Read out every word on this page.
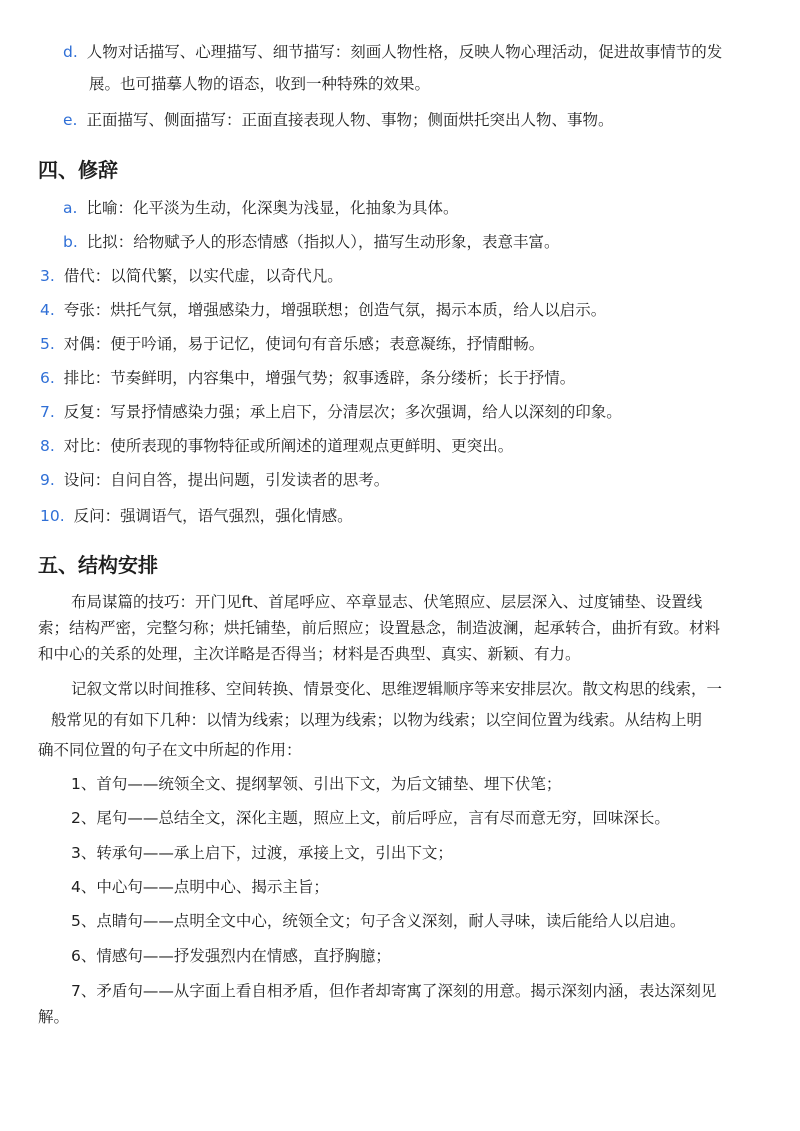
d. 人物对话描写、心理描写、细节描写：刻画人物性格，反映人物心理活动，促进故事情节的发
展。也可描摹人物的语态，收到一种特殊的效果。
e. 正面描写、侧面描写：正面直接表现人物、事物；侧面烘托突出人物、事物。
四、修辞
a. 比喻：化平淡为生动，化深奥为浅显，化抽象为具体。
b. 比拟：给物赋予人的形态情感（指拟人），描写生动形象，表意丰富。
3. 借代：以简代繁，以实代虚，以奇代凡。
4. 夸张：烘托气氛，增强感染力，增强联想；创造气氛，揭示本质，给人以启示。
5. 对偶：便于吟诵，易于记忆，使词句有音乐感；表意凝练，抒情酣畅。
6. 排比：节奏鲜明，内容集中，增强气势；叙事透辟，条分缕析；长于抒情。
7. 反复：写景抒情感染力强；承上启下，分清层次；多次强调，给人以深刻的印象。
8. 对比：使所表现的事物特征或所阐述的道理观点更鲜明、更突出。
9. 设问：自问自答，提出问题，引发读者的思考。
10. 反问：强调语气，语气强烈，强化情感。
五、结构安排
布局谋篇的技巧：开门见ft、首尾呼应、卒章显志、伏笔照应、层层深入、过度铺垫、设置线
索；结构严密，完整匀称；烘托铺垫，前后照应；设置悬念，制造波澜，起承转合，曲折有致。材料
和中心的关系的处理，主次详略是否得当；材料是否典型、真实、新颖、有力。
记叙文常以时间推移、空间转换、情景变化、思维逻辑顺序等来安排层次。散文构思的线索，一
般常见的有如下几种：以情为线索；以理为线索；以物为线索；以空间位置为线索。从结构上明
确不同位置的句子在文中所起的作用：
1、首句——统领全文、提纲挈领、引出下文，为后文铺垫、埋下伏笔；
2、尾句——总结全文，深化主题，照应上文，前后呼应，言有尽而意无穷，回味深长。
3、转承句——承上启下，过渡，承接上文，引出下文；
4、中心句——点明中心、揭示主旨；
5、点睛句——点明全文中心，统领全文；句子含义深刻，耐人寻味，读后能给人以启迪。
6、情感句——抒发强烈内在情感，直抒胸臆；
7、矛盾句——从字面上看自相矛盾，但作者却寄寓了深刻的用意。揭示深刻内涵，表达深刻见
解。
